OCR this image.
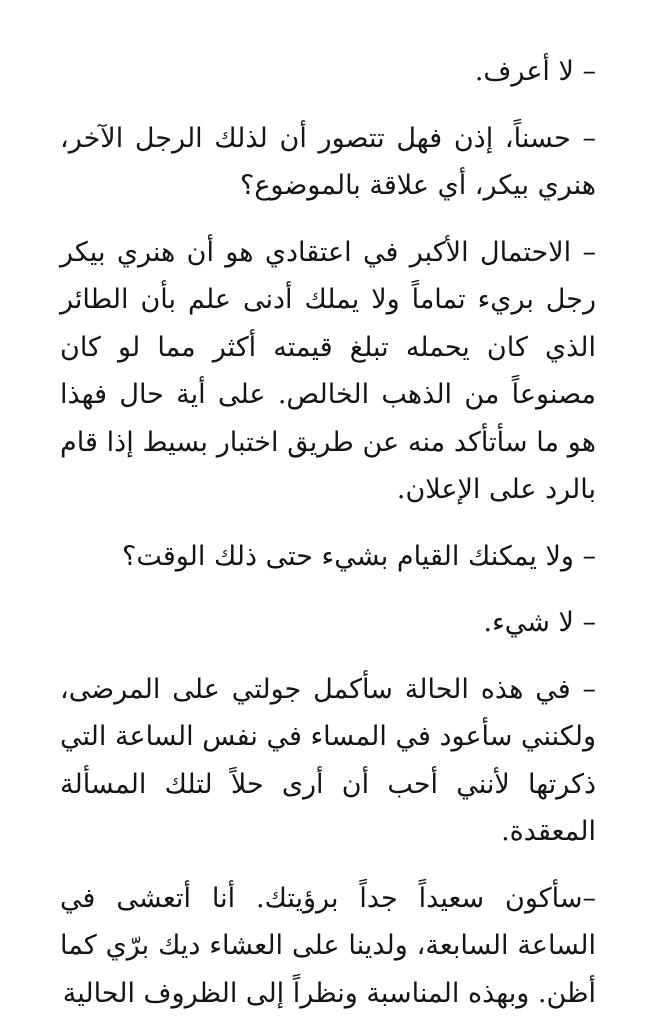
– لا أعرف.

– حسناً، إذن فهل تتصور أن لذلك الرجل الآخر، هنري بيكر، أي علاقة بالموضوع؟

– الاحتمال الأكبر في اعتقادي هو أن هنري بيكر رجل بريء تماماً ولا يملك أدنى علم بأن الطائر الذي كان يحمله تبلغ قيمته أكثر مما لو كان مصنوعاً من الذهب الخالص. على أية حال فهذا هو ما سأتأكد منه عن طريق اختبار بسيط إذا قام بالرد على الإعلان.

– ولا يمكنك القيام بشيء حتى ذلك الوقت؟

– لا شيء.

– في هذه الحالة سأكمل جولتي على المرضى، ولكنني سأعود في المساء في نفس الساعة التي ذكرتها لأنني أحب أن أرى حلاً لتلك المسألة المعقدة.

–سأكون سعيداً جداً برؤيتك. أنا أتعشى في الساعة السابعة، ولدينا على العشاء ديك برّي كما أظن. وبهذه المناسبة ونظراً إلى الظروف الحالية
